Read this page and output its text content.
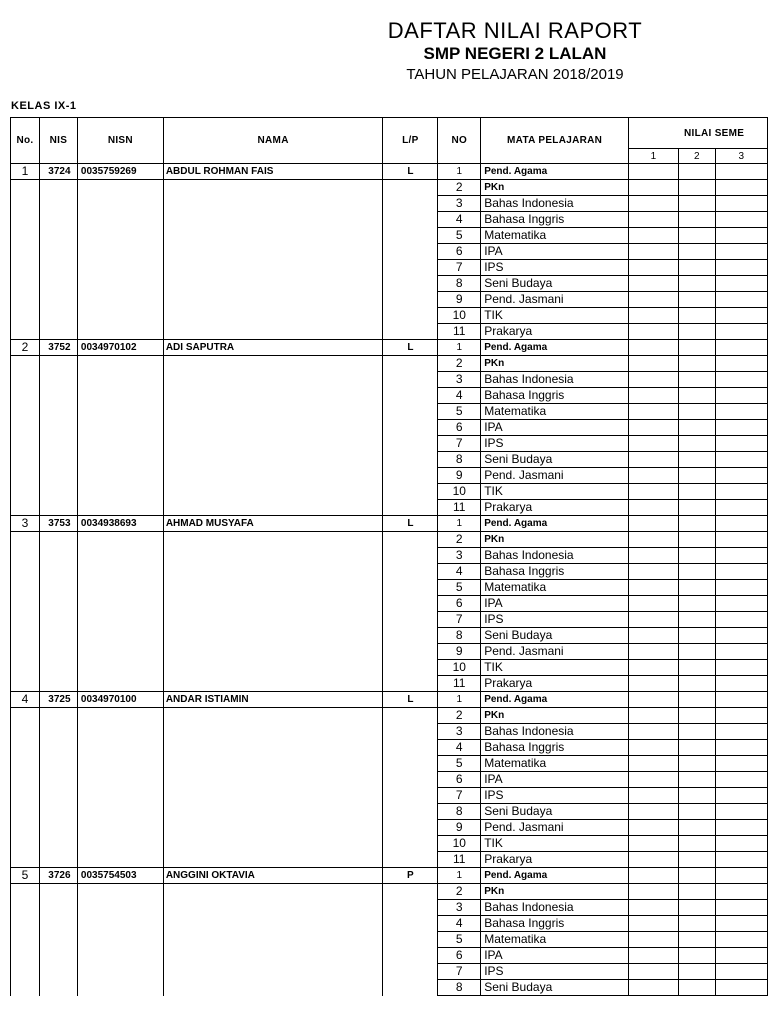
DAFTAR NILAI RAPORT
SMP NEGERI 2 LALAN
TAHUN PELAJARAN 2018/2019
KELAS IX-1
No.	NIS	NISN	NAMA	L/P	NO	MATA PELAJARAN	NILAI SEME		
							1	2	3
1	3724	0035759269	ABDUL ROHMAN FAIS	L	1	Pend. Agama			
					2	PKn			
					3	Bahas Indonesia			
					4	Bahasa Inggris			
					5	Matematika			
					6	IPA			
					7	IPS			
					8	Seni Budaya			
					9	Pend. Jasmani			
					10	TIK			
					11	Prakarya			
2	3752	0034970102	ADI SAPUTRA	L	1	Pend. Agama			
					2	PKn			
					3	Bahas Indonesia			
					4	Bahasa Inggris			
					5	Matematika			
					6	IPA			
					7	IPS			
					8	Seni Budaya			
					9	Pend. Jasmani			
					10	TIK			
					11	Prakarya			
3	3753	0034938693	AHMAD MUSYAFA	L	1	Pend. Agama			
					2	PKn			
					3	Bahas Indonesia			
					4	Bahasa Inggris			
					5	Matematika			
					6	IPA			
					7	IPS			
					8	Seni Budaya			
					9	Pend. Jasmani			
					10	TIK			
					11	Prakarya			
4	3725	0034970100	ANDAR ISTIAMIN	L	1	Pend. Agama			
					2	PKn			
					3	Bahas Indonesia			
					4	Bahasa Inggris			
					5	Matematika			
					6	IPA			
					7	IPS			
					8	Seni Budaya			
					9	Pend. Jasmani			
					10	TIK			
					11	Prakarya			
5	3726	0035754503	ANGGINI OKTAVIA	P	1	Pend. Agama			
					2	PKn			
					3	Bahas Indonesia			
					4	Bahasa Inggris			
					5	Matematika			
					6	IPA			
					7	IPS			
					8	Seni Budaya			
